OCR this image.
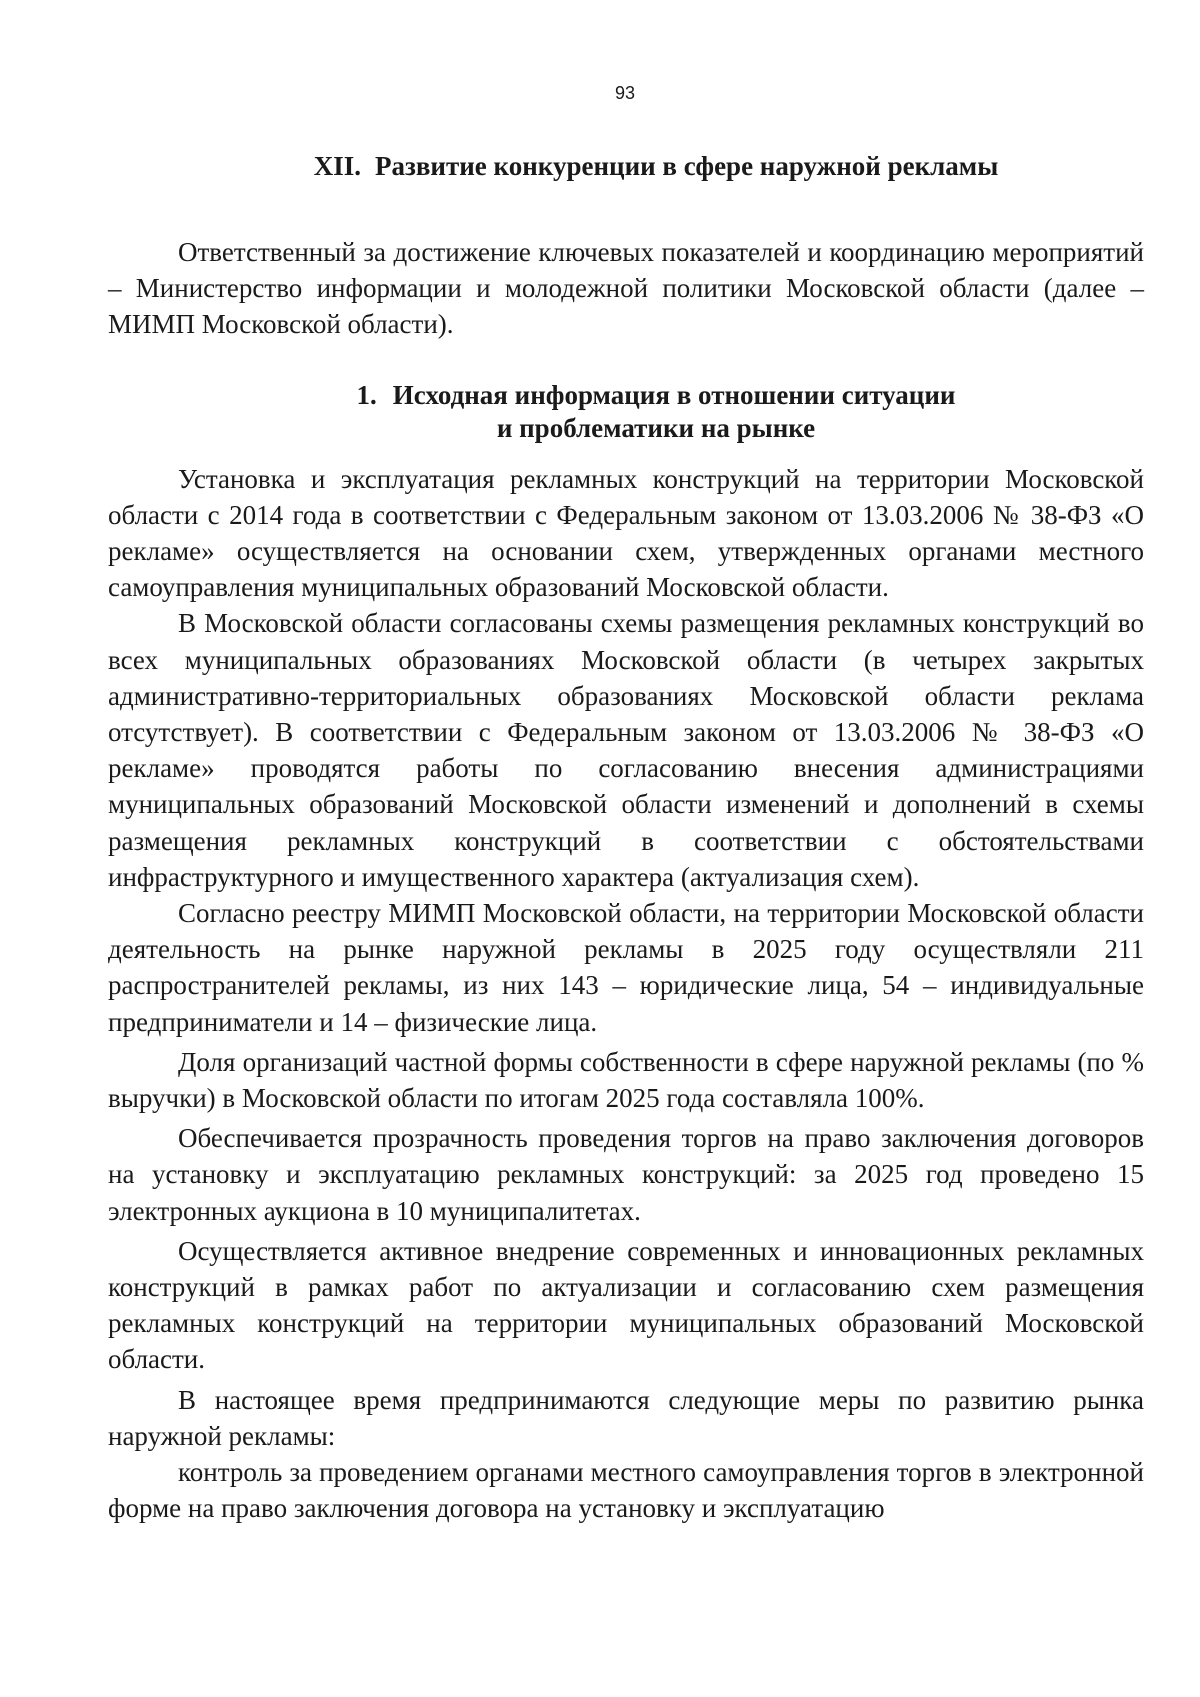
93
XII. Развитие конкуренции в сфере наружной рекламы

Ответственный за достижение ключевых показателей и координацию мероприятий – Министерство информации и молодежной политики Московской области (далее – МИМП Московской области).

1. Исходная информация в отношении ситуации
и проблематики на рынке

Установка и эксплуатация рекламных конструкций на территории Московской области с 2014 года в соответствии с Федеральным законом от 13.03.2006 № 38-ФЗ «О рекламе» осуществляется на основании схем, утвержденных органами местного самоуправления муниципальных образований Московской области.

В Московской области согласованы схемы размещения рекламных конструкций во всех муниципальных образованиях Московской области (в четырех закрытых административно-территориальных образованиях Московской области реклама отсутствует). В соответствии с Федеральным законом от 13.03.2006 № 38-ФЗ «О рекламе» проводятся работы по согласованию внесения администрациями муниципальных образований Московской области изменений и дополнений в схемы размещения рекламных конструкций в соответствии с обстоятельствами инфраструктурного и имущественного характера (актуализация схем).

Согласно реестру МИМП Московской области, на территории Московской области деятельность на рынке наружной рекламы в 2025 году осуществляли 211 распространителей рекламы, из них 143 – юридические лица, 54 – индивидуальные предприниматели и 14 – физические лица.

Доля организаций частной формы собственности в сфере наружной рекламы (по % выручки) в Московской области по итогам 2025 года составляла 100%.

Обеспечивается прозрачность проведения торгов на право заключения договоров на установку и эксплуатацию рекламных конструкций: за 2025 год проведено 15 электронных аукциона в 10 муниципалитетах.

Осуществляется активное внедрение современных и инновационных рекламных конструкций в рамках работ по актуализации и согласованию схем размещения рекламных конструкций на территории муниципальных образований Московской области.

В настоящее время предпринимаются следующие меры по развитию рынка наружной рекламы:

контроль за проведением органами местного самоуправления торгов в электронной форме на право заключения договора на установку и эксплуатацию
